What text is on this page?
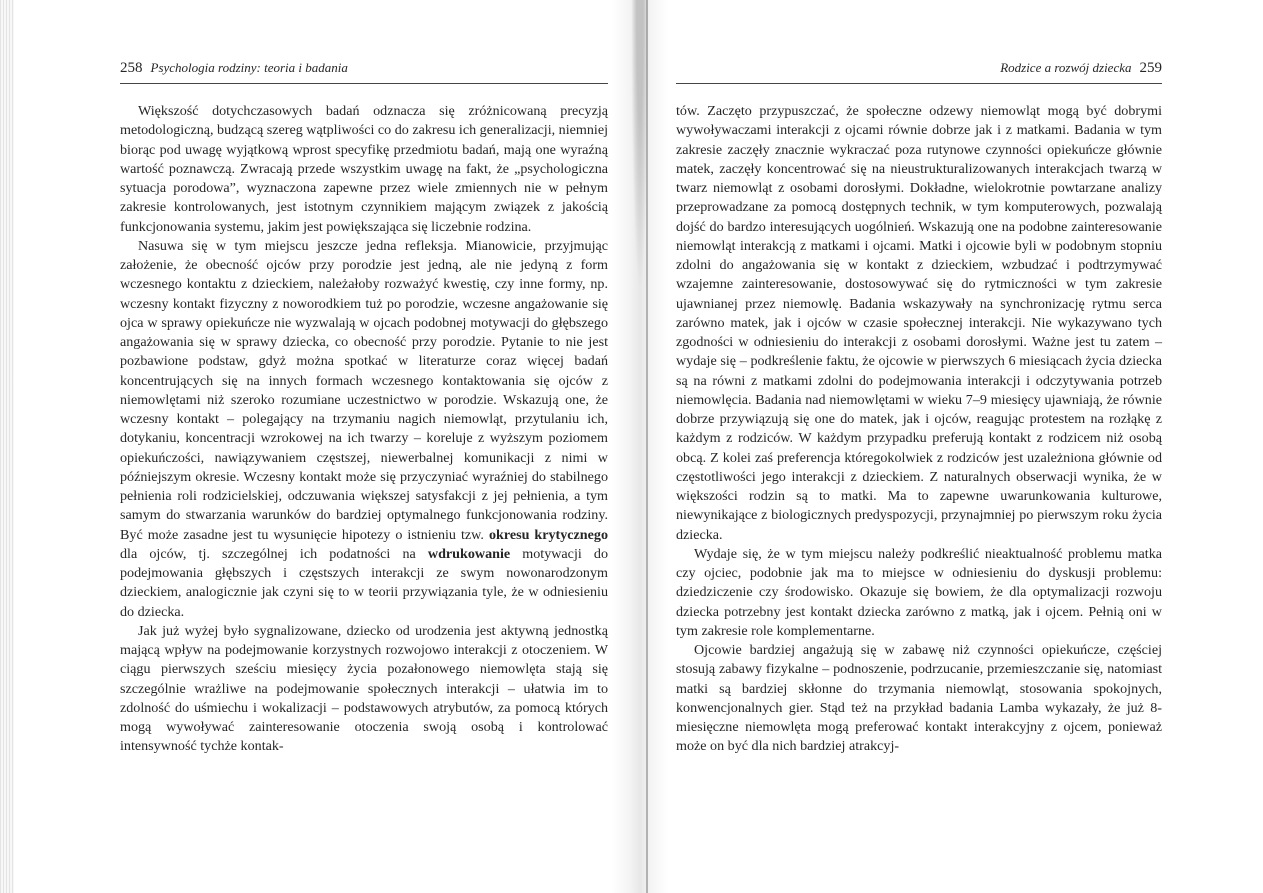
258 Psychologia rodziny: teoria i badania

Większość dotychczasowych badań odznacza się zróżnicowaną precyzją metodologiczną, budzącą szereg wątpliwości co do zakresu ich generalizacji, niemniej biorąc pod uwagę wyjątkową wprost specyfikę przedmiotu badań, mają one wyraźną wartość poznawczą. Zwracają przede wszystkim uwagę na fakt, że „psychologiczna sytuacja porodowa”, wyznaczona zapewne przez wiele zmiennych nie w pełnym zakresie kontrolowanych, jest istotnym czynnikiem mającym związek z jakością funkcjonowania systemu, jakim jest powiększająca się liczebnie rodzina.

Nasuwa się w tym miejscu jeszcze jedna refleksja. Mianowicie, przyjmując założenie, że obecność ojców przy porodzie jest jedną, ale nie jedyną z form wczesnego kontaktu z dzieckiem, należałoby rozważyć kwestię, czy inne formy, np. wczesny kontakt fizyczny z noworodkiem tuż po porodzie, wczesne angażowanie się ojca w sprawy opiekuńcze nie wyzwalają w ojcach podobnej motywacji do głębszego angażowania się w sprawy dziecka, co obecność przy porodzie. Pytanie to nie jest pozbawione podstaw, gdyż można spotkać w literaturze coraz więcej badań koncentrujących się na innych formach wczesnego kontaktowania się ojców z niemowlętami niż szeroko rozumiane uczestnictwo w porodzie. Wskazują one, że wczesny kontakt – polegający na trzymaniu nagich niemowląt, przytulaniu ich, dotykaniu, koncentracji wzrokowej na ich twarzy – koreluje z wyższym poziomem opiekuńczości, nawiązywaniem częstszej, niewerbalnej komunikacji z nimi w późniejszym okresie. Wczesny kontakt może się przyczyniać wyraźniej do stabilnego pełnienia roli rodzicielskiej, odczuwania większej satysfakcji z jej pełnienia, a tym samym do stwarzania warunków do bardziej optymalnego funkcjonowania rodziny. Być może zasadne jest tu wysunięcie hipotezy o istnieniu tzw. okresu krytycznego dla ojców, tj. szczególnej ich podatności na wdrukowanie motywacji do podejmowania głębszych i częstszych interakcji ze swym nowonarodzonym dzieckiem, analogicznie jak czyni się to w teorii przywiązania tyle, że w odniesieniu do dziecka.

Jak już wyżej było sygnalizowane, dziecko od urodzenia jest aktywną jednostką mającą wpływ na podejmowanie korzystnych rozwojowo interakcji z otoczeniem. W ciągu pierwszych sześciu miesięcy życia pozałonowego niemowlęta stają się szczególnie wrażliwe na podejmowanie społecznych interakcji – ułatwia im to zdolność do uśmiechu i wokalizacji – podstawowych atrybutów, za pomocą których mogą wywoływać zainteresowanie otoczenia swoją osobą i kontrolować intensywność tychże kontak-

Rodzice a rozwój dziecka 259

tów. Zaczęto przypuszczać, że społeczne odzewy niemowląt mogą być dobrymi wywoływaczami interakcji z ojcami równie dobrze jak i z matkami. Badania w tym zakresie zaczęły znacznie wykraczać poza rutynowe czynności opiekuńcze głównie matek, zaczęły koncentrować się na nieustrukturalizowanych interakcjach twarzą w twarz niemowląt z osobami dorosłymi. Dokładne, wielokrotnie powtarzane analizy przeprowadzane za pomocą dostępnych technik, w tym komputerowych, pozwalają dojść do bardzo interesujących uogólnień. Wskazują one na podobne zainteresowanie niemowląt interakcją z matkami i ojcami. Matki i ojcowie byli w podobnym stopniu zdolni do angażowania się w kontakt z dzieckiem, wzbudzać i podtrzymywać wzajemne zainteresowanie, dostosowywać się do rytmiczności w tym zakresie ujawnianej przez niemowlę. Badania wskazywały na synchronizację rytmu serca zarówno matek, jak i ojców w czasie społecznej interakcji. Nie wykazywano tych zgodności w odniesieniu do interakcji z osobami dorosłymi. Ważne jest tu zatem – wydaje się – podkreślenie faktu, że ojcowie w pierwszych 6 miesiącach życia dziecka są na równi z matkami zdolni do podejmowania interakcji i odczytywania potrzeb niemowlęcia. Badania nad niemowlętami w wieku 7–9 miesięcy ujawniają, że równie dobrze przywiązują się one do matek, jak i ojców, reagując protestem na rozłąkę z każdym z rodziców. W każdym przypadku preferują kontakt z rodzicem niż osobą obcą. Z kolei zaś preferencja któregokolwiek z rodziców jest uzależniona głównie od częstotliwości jego interakcji z dzieckiem. Z naturalnych obserwacji wynika, że w większości rodzin są to matki. Ma to zapewne uwarunkowania kulturowe, niewynikające z biologicznych predyspozycji, przynajmniej po pierwszym roku życia dziecka.

Wydaje się, że w tym miejscu należy podkreślić nieaktualność problemu matka czy ojciec, podobnie jak ma to miejsce w odniesieniu do dyskusji problemu: dziedziczenie czy środowisko. Okazuje się bowiem, że dla optymalizacji rozwoju dziecka potrzebny jest kontakt dziecka zarówno z matką, jak i ojcem. Pełnią oni w tym zakresie role komplementarne.

Ojcowie bardziej angażują się w zabawę niż czynności opiekuńcze, częściej stosują zabawy fizykalne – podnoszenie, podrzucanie, przemieszczanie się, natomiast matki są bardziej skłonne do trzymania niemowląt, stosowania spokojnych, konwencjonalnych gier. Stąd też na przykład badania Lamba wykazały, że już 8-miesięczne niemowlęta mogą preferować kontakt interakcyjny z ojcem, ponieważ może on być dla nich bardziej atrakcyj-
